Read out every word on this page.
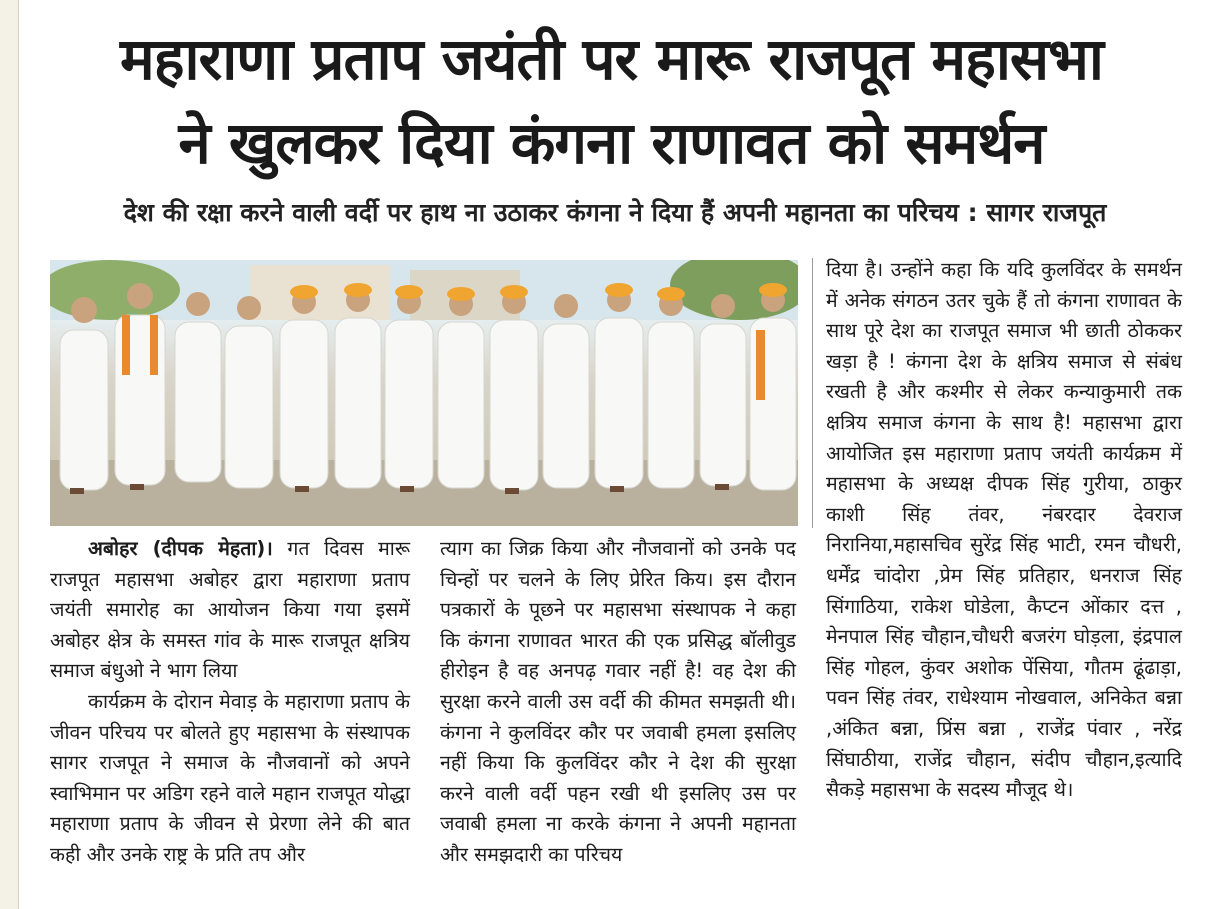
महाराणा प्रताप जयंती पर मारू राजपूत महासभा
ने खुलकर दिया कंगना राणावत को समर्थन
देश की रक्षा करने वाली वर्दी पर हाथ ना उठाकर कंगना ने दिया हैं अपनी महानता का परिचय : सागर राजपूत

अबोहर (दीपक मेहता)। गत दिवस मारू राजपूत महासभा अबोहर द्वारा महाराणा प्रताप जयंती समारोह का आयोजन किया गया इसमें अबोहर क्षेत्र के समस्त गांव के मारू राजपूत क्षत्रिय समाज बंधुओ ने भाग लिया

कार्यक्रम के दोरान मेवाड़ के महाराणा प्रताप के जीवन परिचय पर बोलते हुए महासभा के संस्थापक सागर राजपूत ने समाज के नौजवानों को अपने स्वाभिमान पर अडिग रहने वाले महान राजपूत योद्धा महाराणा प्रताप के जीवन से प्रेरणा लेने की बात कही और उनके राष्ट्र के प्रति तप और

त्याग का जिक्र किया और नौजवानों को उनके पद चिन्हों पर चलने के लिए प्रेरित किय। इस दौरान पत्रकारों के पूछने पर महासभा संस्थापक ने कहा कि कंगना राणावत भारत की एक प्रसिद्ध बॉलीवुड हीरोइन है वह अनपढ़ गवार नहीं है! वह देश की सुरक्षा करने वाली उस वर्दी की कीमत समझती थी। कंगना ने कुलविंदर कौर पर जवाबी हमला इसलिए नहीं किया कि कुलविंदर कौर ने देश की सुरक्षा करने वाली वर्दी पहन रखी थी इसलिए उस पर जवाबी हमला ना करके कंगना ने अपनी महानता और समझदारी का परिचय

दिया है। उन्होंने कहा कि यदि कुलविंदर के समर्थन में अनेक संगठन उतर चुके हैं तो कंगना राणावत के साथ पूरे देश का राजपूत समाज भी छाती ठोककर खड़ा है ! कंगना देश के क्षत्रिय समाज से संबंध रखती है और कश्मीर से लेकर कन्याकुमारी तक क्षत्रिय समाज कंगना के साथ है! महासभा द्वारा आयोजित इस महाराणा प्रताप जयंती कार्यक्रम में महासभा के अध्यक्ष दीपक सिंह गुरीया, ठाकुर काशी सिंह तंवर, नंबरदार देवराज निरानिया,महासचिव सुरेंद्र सिंह भाटी, रमन चौधरी, धर्मेंद्र चांदोरा ,प्रेम सिंह प्रतिहार, धनराज सिंह सिंगाठिया, राकेश घोडेला, कैप्टन ओंकार दत्त , मेनपाल सिंह चौहान,चौधरी बजरंग घोड़ला, इंद्रपाल सिंह गोहल, कुंवर अशोक पेंसिया, गौतम ढूंढाड़ा, पवन सिंह तंवर, राधेश्याम नोखवाल, अनिकेत बन्ना ,अंकित बन्ना, प्रिंस बन्ना , राजेंद्र पंवार , नरेंद्र सिंघाठीया, राजेंद्र चौहान, संदीप चौहान,इत्यादि सैकड़े महासभा के सदस्य मौजूद थे।
